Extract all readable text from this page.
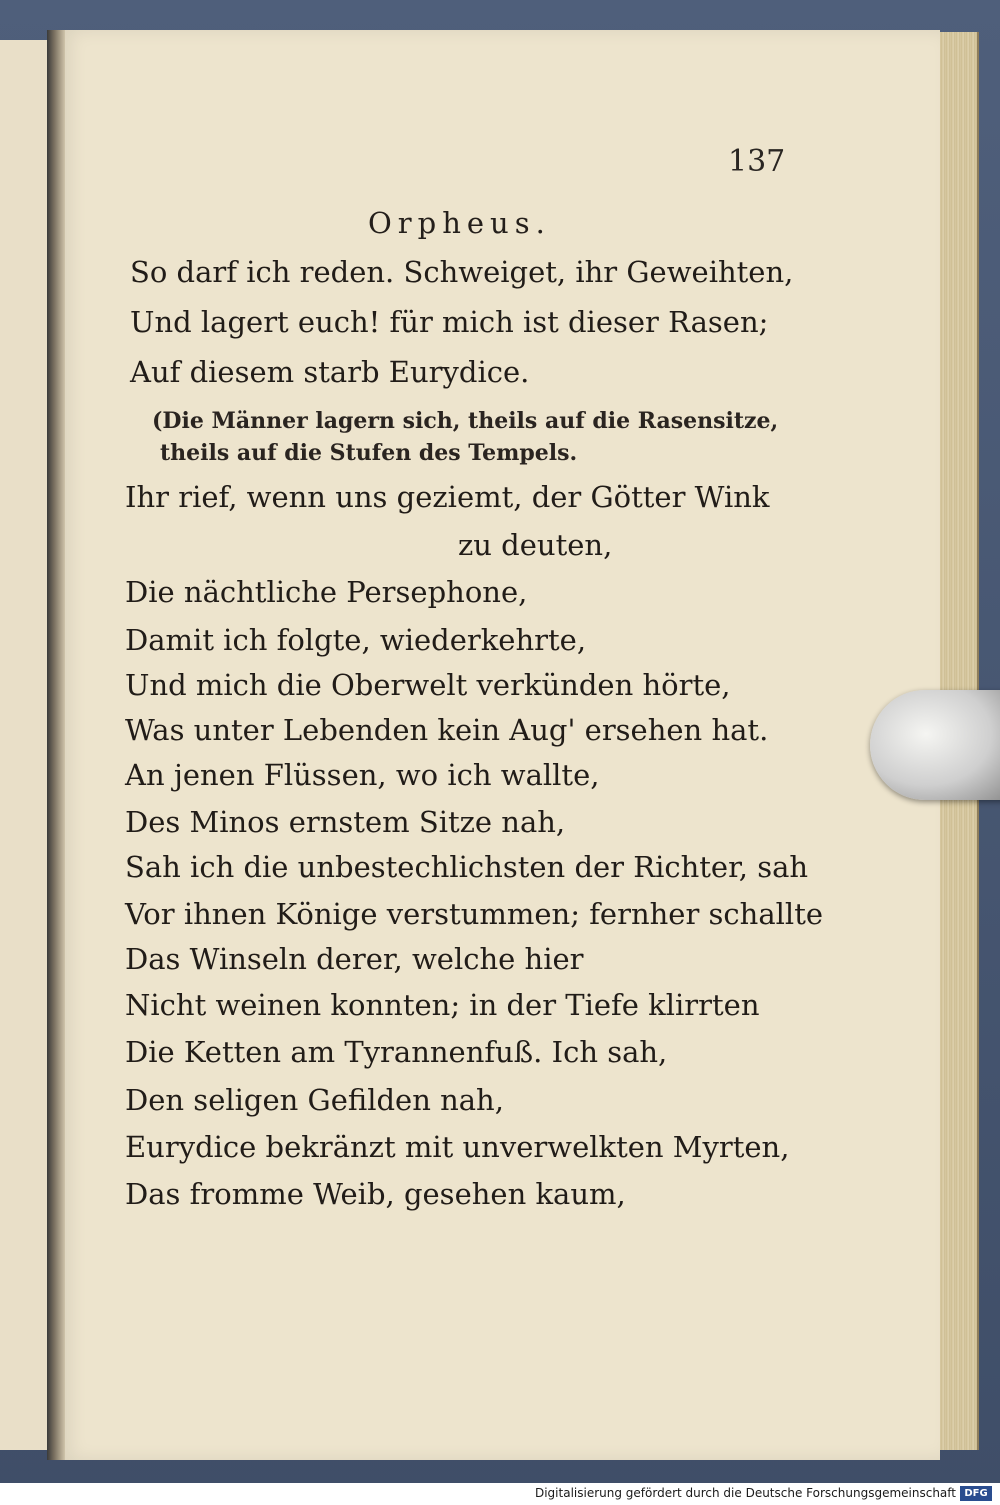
137
Orpheus.
So darf ich reden. Schweiget, ihr Geweihten,
Und lagert euch! für mich ist dieser Rasen;
Auf diesem starb Eurydice.
(Die Männer lagern sich, theils auf die Rasensitze,
theils auf die Stufen des Tempels.
Ihr rief, wenn uns geziemt, der Götter Wink
zu deuten,
Die nächtliche Persephone,
Damit ich folgte, wiederkehrte,
Und mich die Oberwelt verkünden hörte,
Was unter Lebenden kein Aug' ersehen hat.
An jenen Flüssen, wo ich wallte,
Des Minos ernstem Sitze nah,
Sah ich die unbestechlichsten der Richter, sah
Vor ihnen Könige verstummen; fernher schallte
Das Winseln derer, welche hier
Nicht weinen konnten; in der Tiefe klirrten
Die Ketten am Tyrannenfuß. Ich sah,
Den seligen Gefilden nah,
Eurydice bekränzt mit unverwelkten Myrten,
Das fromme Weib, gesehen kaum,
Digitalisierung gefördert durch die Deutsche Forschungsgemeinschaft DFG
